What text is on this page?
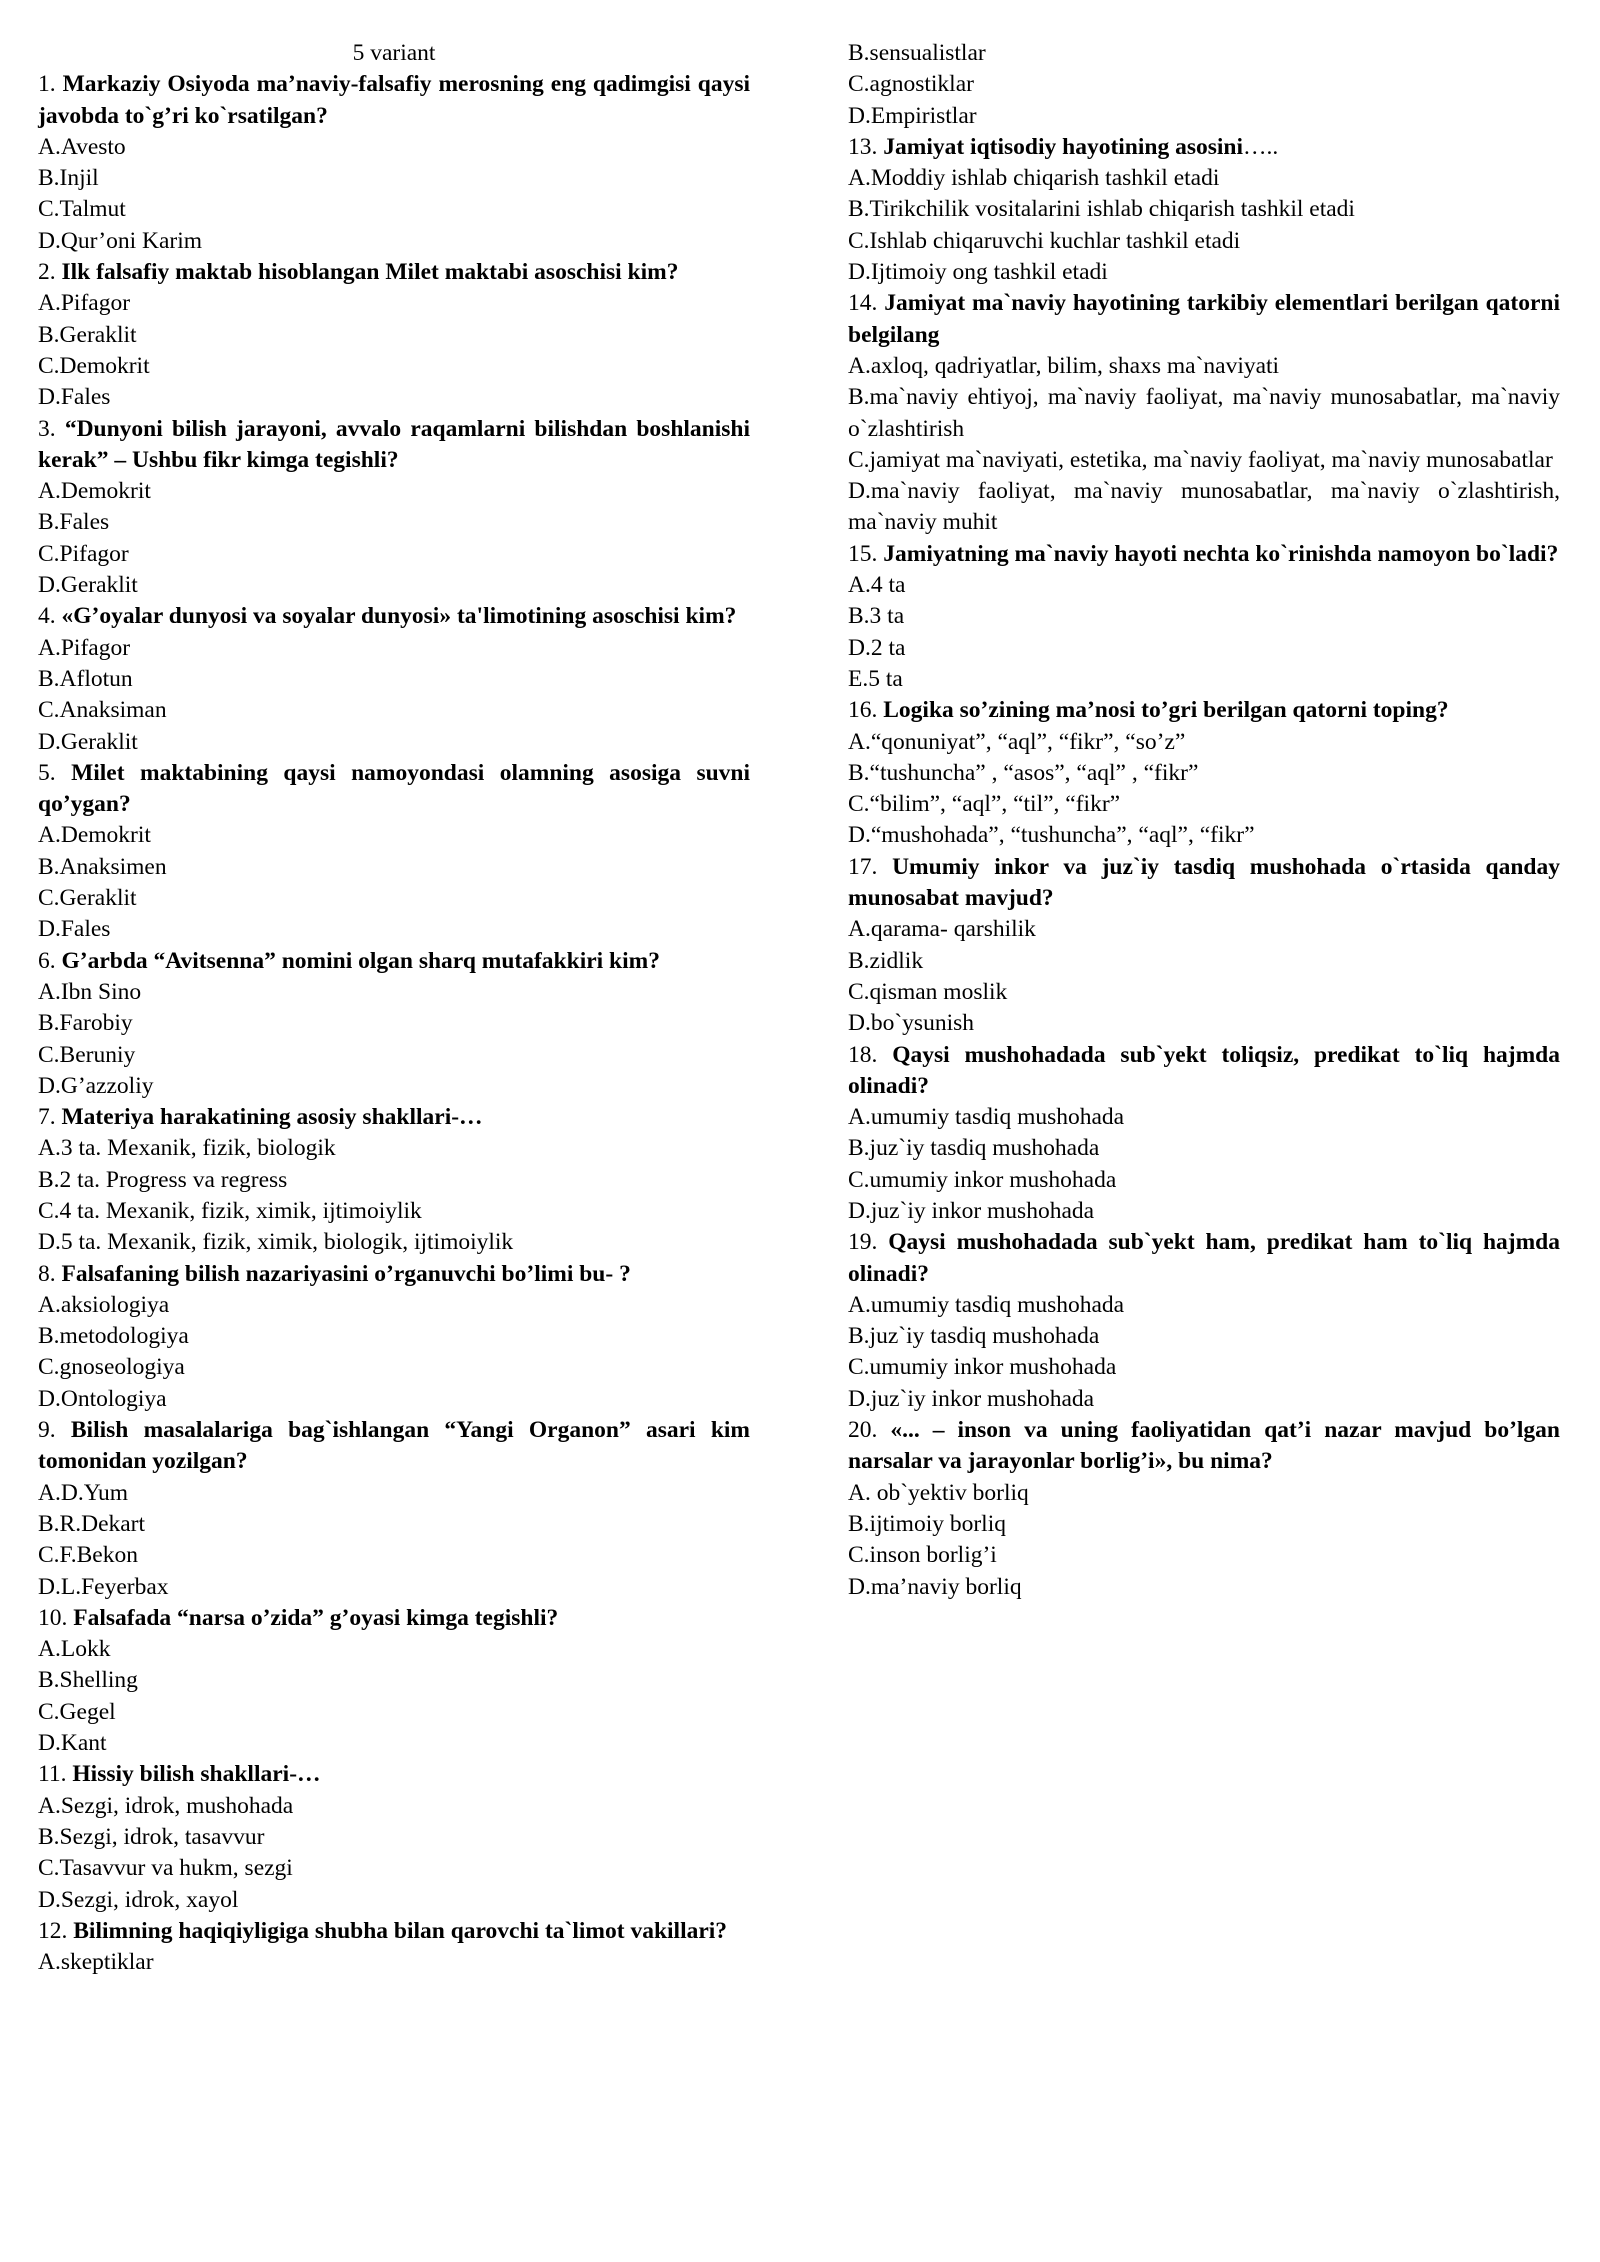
5 variant

1. Markaziy Osiyoda ma’naviy-falsafiy merosning eng qadimgisi qaysi javobda to`g’ri ko`rsatilgan?

A.Avesto
B.Injil
C.Talmut
D.Qur’oni Karim

2. Ilk falsafiy maktab hisoblangan Milet maktabi asoschisi kim?

A.Pifagor
B.Geraklit
C.Demokrit
D.Fales

3. “Dunyoni bilish jarayoni, avvalo raqamlarni bilishdan boshlanishi kerak” – Ushbu fikr kimga tegishli?

A.Demokrit
B.Fales
C.Pifagor
D.Geraklit

4. «G’oyalar dunyosi va soyalar dunyosi» ta'limotining asoschisi kim?

A.Pifagor
B.Aflotun
C.Anaksiman
D.Geraklit

5. Milet maktabining qaysi namoyondasi olamning asosiga suvni qo’ygan?

A.Demokrit
B.Anaksimen
C.Geraklit
D.Fales

6. G’arbda “Avitsenna” nomini olgan sharq mutafakkiri kim?

A.Ibn Sino
B.Farobiy
C.Beruniy
D.G’azzoliy

7. Materiya harakatining asosiy shakllari-…

A.3 ta. Mexanik, fizik, biologik
B.2 ta. Progress va regress
C.4 ta. Mexanik, fizik, ximik, ijtimoiylik
D.5 ta. Mexanik, fizik, ximik, biologik, ijtimoiylik

8. Falsafaning bilish nazariyasini o’rganuvchi bo’limi bu- ?

A.aksiologiya
B.metodologiya
C.gnoseologiya
D.Ontologiya

9. Bilish masalalariga bag`ishlangan “Yangi Organon” asari kim tomonidan yozilgan?

A.D.Yum
B.R.Dekart
C.F.Bekon
D.L.Feyerbax

10. Falsafada “narsa o’zida” g’oyasi kimga tegishli?

A.Lokk
B.Shelling
C.Gegel
D.Kant

11. Hissiy bilish shakllari-…

A.Sezgi, idrok, mushohada
B.Sezgi, idrok, tasavvur
C.Tasavvur va hukm, sezgi
D.Sezgi, idrok, xayol

12. Bilimning haqiqiyligiga shubha bilan qarovchi ta`limot vakillari?

A.skeptiklar
B.sensualistlar
C.agnostiklar
D.Empiristlar

13. Jamiyat iqtisodiy hayotining asosini…..

A.Moddiy ishlab chiqarish tashkil etadi
B.Tirikchilik vositalarini ishlab chiqarish tashkil etadi
C.Ishlab chiqaruvchi kuchlar tashkil etadi
D.Ijtimoiy ong tashkil etadi

14. Jamiyat ma`naviy hayotining tarkibiy elementlari berilgan qatorni belgilang

A.axloq, qadriyatlar, bilim, shaxs ma`naviyati
B.ma`naviy ehtiyoj, ma`naviy faoliyat, ma`naviy munosabatlar, ma`naviy o`zlashtirish
C.jamiyat ma`naviyati, estetika, ma`naviy faoliyat, ma`naviy munosabatlar
D.ma`naviy faoliyat, ma`naviy munosabatlar, ma`naviy o`zlashtirish, ma`naviy muhit

15. Jamiyatning ma`naviy hayoti nechta ko`rinishda namoyon bo`ladi?

A.4 ta
B.3 ta
D.2 ta
E.5 ta

16. Logika so’zining ma’nosi to’gri berilgan qatorni toping?

A.“qonuniyat”, “aql”, “fikr”, “so’z”
B.“tushuncha” , “asos”, “aql” , “fikr”
C.“bilim”, “aql”, “til”, “fikr”
D.“mushohada”, “tushuncha”, “aql”, “fikr”

17. Umumiy inkor va juz`iy tasdiq mushohada o`rtasida qanday munosabat mavjud?

A.qarama- qarshilik
B.zidlik
C.qisman moslik
D.bo`ysunish

18. Qaysi mushohadada sub`yekt toliqsiz, predikat to`liq hajmda olinadi?

A.umumiy tasdiq mushohada
B.juz`iy tasdiq mushohada
C.umumiy inkor mushohada
D.juz`iy inkor mushohada

19. Qaysi mushohadada sub`yekt ham, predikat ham to`liq hajmda olinadi?

A.umumiy tasdiq mushohada
B.juz`iy tasdiq mushohada
C.umumiy inkor mushohada
D.juz`iy inkor mushohada

20. «... – inson va uning faoliyatidan qat’i nazar mavjud bo’lgan narsalar va jarayonlar borlig’i», bu nima?

A. ob`yektiv borliq
B.ijtimoiy borliq
C.inson borlig’i
D.ma’naviy borliq
